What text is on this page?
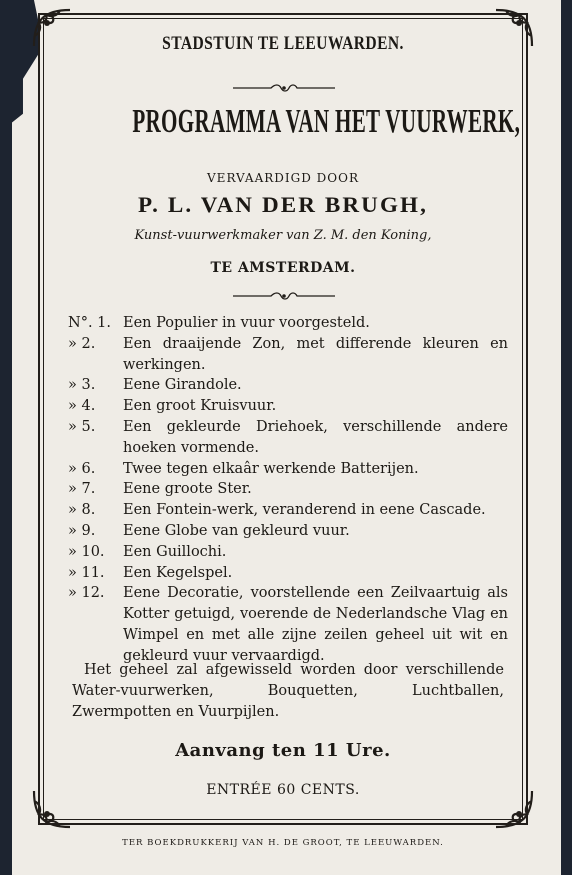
STADSTUIN TE LEEUWARDEN.
PROGRAMMA VAN HET VUURWERK,
VERVAARDIGD DOOR
P. L. VAN DER BRUGH,
Kunst-vuurwerkmaker van Z. M. den Koning,
TE AMSTERDAM.
N°. 1. Een Populier in vuur voorgesteld.
» 2.	Een draaijende Zon, met differende kleuren en werkingen.
» 3.	Eene Girandole.
» 4.	Een groot Kruisvuur.
» 5.	Een gekleurde Driehoek, verschillende andere hoeken vormende.
» 6.	Twee tegen elkaâr werkende Batterijen.
» 7.	Eene groote Ster.
» 8.	Een Fontein-werk, veranderend in eene Cascade.
» 9.	Eene Globe van gekleurd vuur.
» 10.	Een Guillochi.
» 11.	Een Kegelspel.
» 12.	Eene Decoratie, voorstellende een Zeilvaartuig als Kotter getuigd, voerende de Nederlandsche Vlag en Wimpel en met alle zijne zeilen geheel uit wit en gekleurd vuur vervaardigd.
Het geheel zal afgewisseld worden door verschillende Water-vuurwerken, Bouquetten, Luchtballen, Zwermpotten en Vuurpijlen.
Aanvang ten 11 Ure.
ENTRÉE 60 CENTS.
TER BOEKDRUKKERIJ VAN H. DE GROOT, TE LEEUWARDEN.
